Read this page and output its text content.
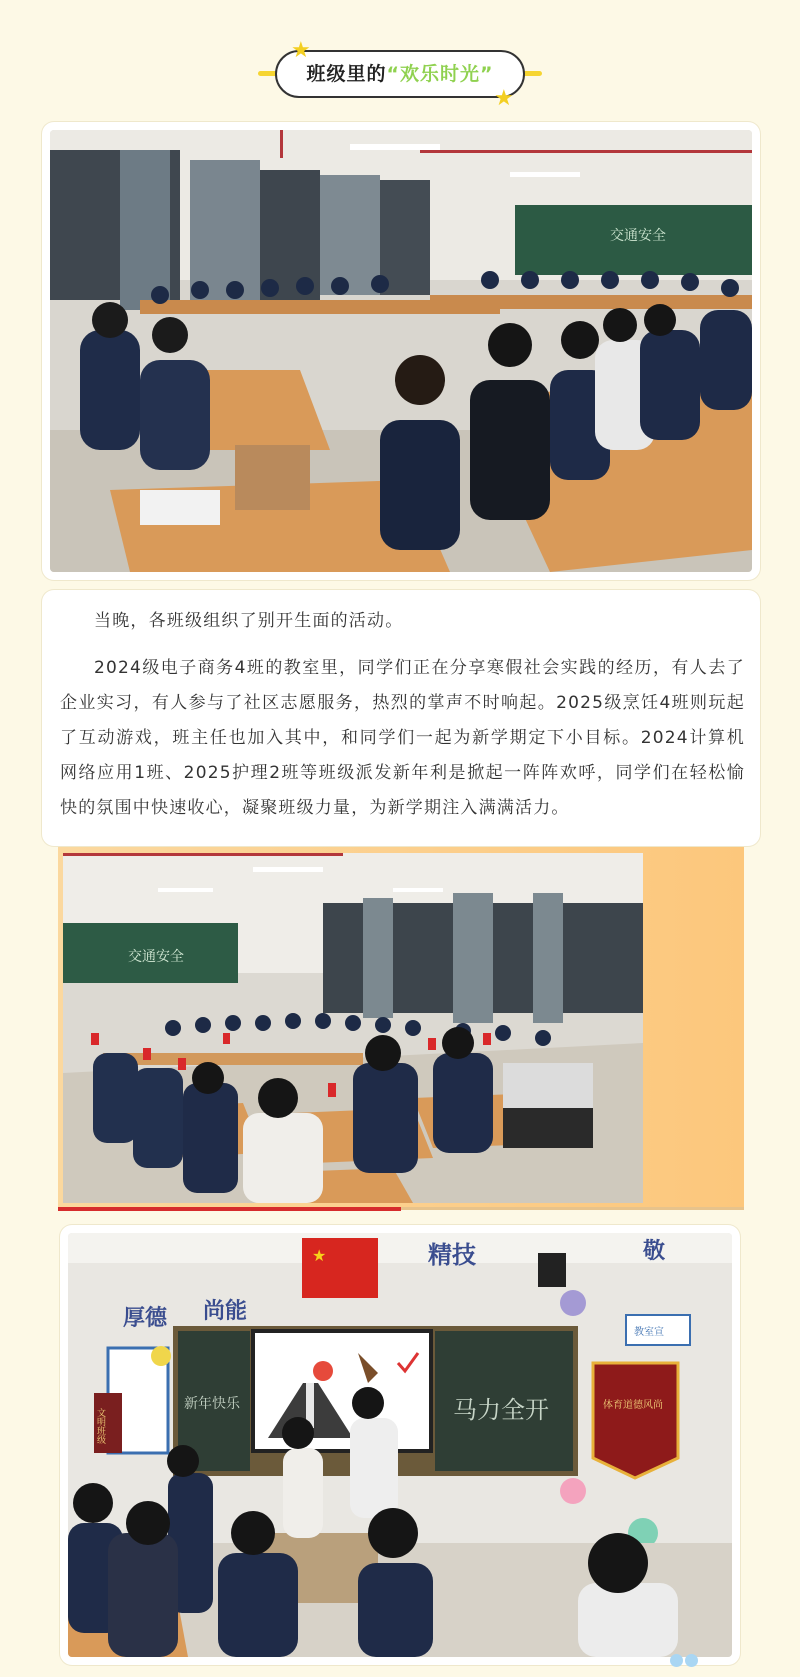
班级里的“欢乐时光”
★
★
交通安全

当晚，各班级组织了别开生面的活动。

2024级电子商务4班的教室里，同学们正在分享寒假社会实践的经历，有人去了企业实习，有人参与了社区志愿服务，热烈的掌声不时响起。2025级烹饪4班则玩起了互动游戏，班主任也加入其中，和同学们一起为新学期定下小目标。2024计算机网络应用1班、2025护理2班等班级派发新年利是掀起一阵阵欢呼，同学们在轻松愉快的氛围中快速收心，凝聚班级力量，为新学期注入满满活力。

交通安全
★
厚德 尚能
精技	敬
新年快乐	马力全开
文明班级
体育道德风尚
教室宣
